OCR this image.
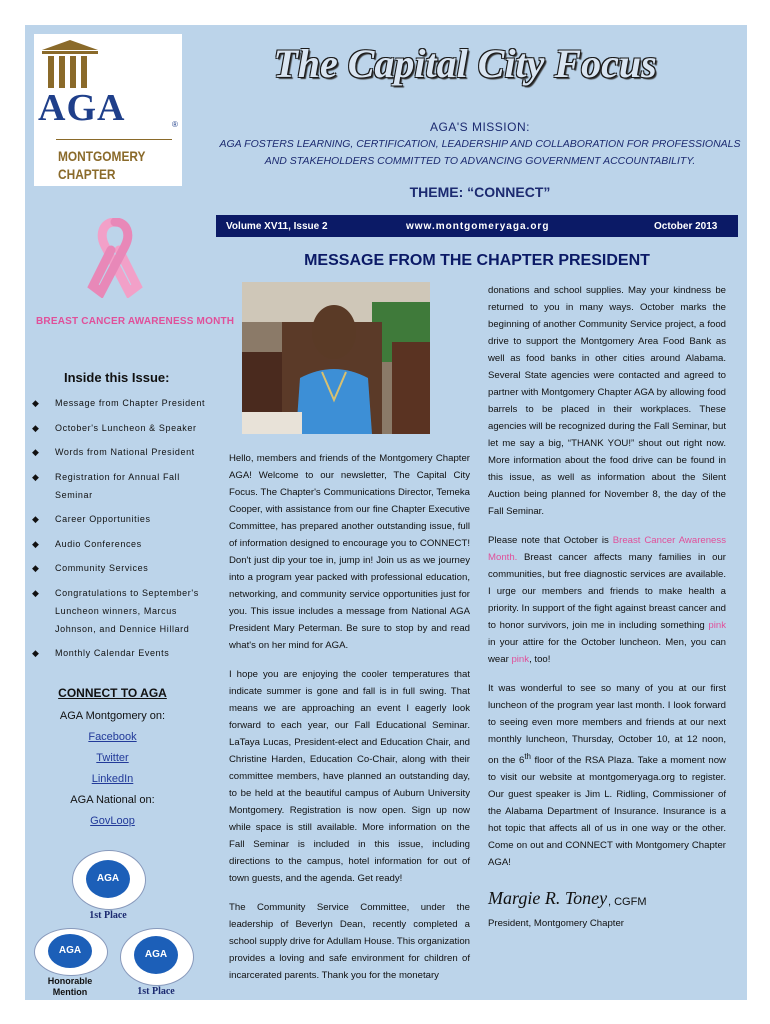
AGA	®
MONTGOMERY
CHAPTER
The Capital City Focus
AGA'S MISSION:
AGA FOSTERS LEARNING, CERTIFICATION, LEADERSHIP AND COLLABORATION FOR PROFESSIONALS
AND STAKEHOLDERS COMMITTED TO ADVANCING GOVERNMENT ACCOUNTABILITY.
THEME: “CONNECT”
Volume XV11, Issue 2	www.montgomeryaga.org	October 2013
BREAST CANCER AWARENESS MONTH
Inside this Issue:
◆ Message from Chapter President
◆ October's Luncheon & Speaker
◆ Words from National President
◆ Registration for Annual Fall Seminar
◆ Career Opportunities
◆ Audio Conferences
◆ Community Services
◆ Congratulations to September's Luncheon winners, Marcus Johnson, and Dennice Hillard
◆ Monthly Calendar Events
CONNECT TO AGA
AGA Montgomery on:
Facebook
Twitter
LinkedIn
AGA National on:
GovLoop
AGA
1st Place
AGA
Honorable Mention
AGA
1st Place
MESSAGE FROM THE CHAPTER PRESIDENT

Hello, members and friends of the Montgomery Chapter AGA! Welcome to our newsletter, The Capital City Focus. The Chapter's Communications Director, Temeka Cooper, with assistance from our fine Chapter Executive Committee, has prepared another outstanding issue, full of information designed to encourage you to CONNECT! Don't just dip your toe in, jump in! Join us as we journey into a program year packed with professional education, networking, and community service opportunities just for you. This issue includes a message from National AGA President Mary Peterman. Be sure to stop by and read what's on her mind for AGA.

I hope you are enjoying the cooler temperatures that indicate summer is gone and fall is in full swing. That means we are approaching an event I eagerly look forward to each year, our Fall Educational Seminar. LaTaya Lucas, President-elect and Education Chair, and Christine Harden, Education Co-Chair, along with their committee members, have planned an outstanding day, to be held at the beautiful campus of Auburn University Montgomery. Registration is now open. Sign up now while space is still available. More information on the Fall Seminar is included in this issue, including directions to the campus, hotel information for out of town guests, and the agenda. Get ready!

The Community Service Committee, under the leadership of Beverlyn Dean, recently completed a school supply drive for Adullam House. This organization provides a loving and safe environment for children of incarcerated parents. Thank you for the monetary

donations and school supplies. May your kindness be returned to you in many ways. October marks the beginning of another Community Service project, a food drive to support the Montgomery Area Food Bank as well as food banks in other cities around Alabama. Several State agencies were contacted and agreed to partner with Montgomery Chapter AGA by allowing food barrels to be placed in their workplaces. These agencies will be recognized during the Fall Seminar, but let me say a big, “THANK YOU!” shout out right now. More information about the food drive can be found in this issue, as well as information about the Silent Auction being planned for November 8, the day of the Fall Seminar.

Please note that October is Breast Cancer Awareness Month. Breast cancer affects many families in our communities, but free diagnostic services are available. I urge our members and friends to make health a priority. In support of the fight against breast cancer and to honor survivors, join me in including something pink in your attire for the October luncheon. Men, you can wear pink, too!

It was wonderful to see so many of you at our first luncheon of the program year last month. I look forward to seeing even more members and friends at our next monthly luncheon, Thursday, October 10, at 12 noon, on the 6th floor of the RSA Plaza. Take a moment now to visit our website at montgomeryaga.org to register. Our guest speaker is Jim L. Ridling, Commissioner of the Alabama Department of Insurance. Insurance is a hot topic that affects all of us in one way or the other. Come on out and CONNECT with Montgomery Chapter AGA!

Margie R. Toney , CGFM
President, Montgomery Chapter
